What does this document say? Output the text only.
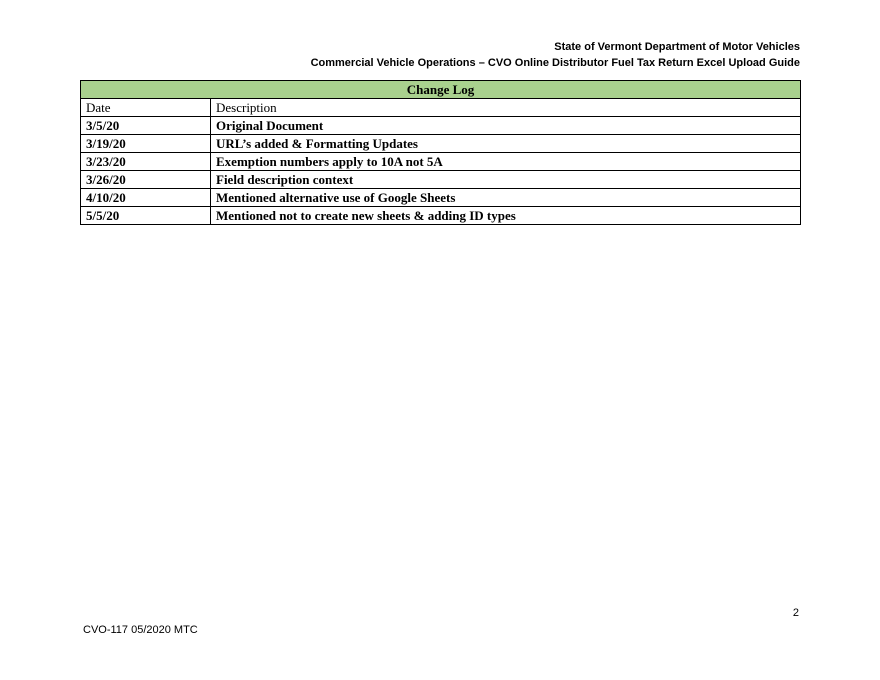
State of Vermont Department of Motor Vehicles
Commercial Vehicle Operations – CVO Online Distributor Fuel Tax Return Excel Upload Guide
Change Log	
Date	Description
3/5/20	Original Document
3/19/20	URL’s added & Formatting Updates
3/23/20	Exemption numbers apply to 10A not 5A
3/26/20	Field description context
4/10/20	Mentioned alternative use of Google Sheets
5/5/20	Mentioned not to create new sheets & adding ID types
2
CVO-117 05/2020 MTC
